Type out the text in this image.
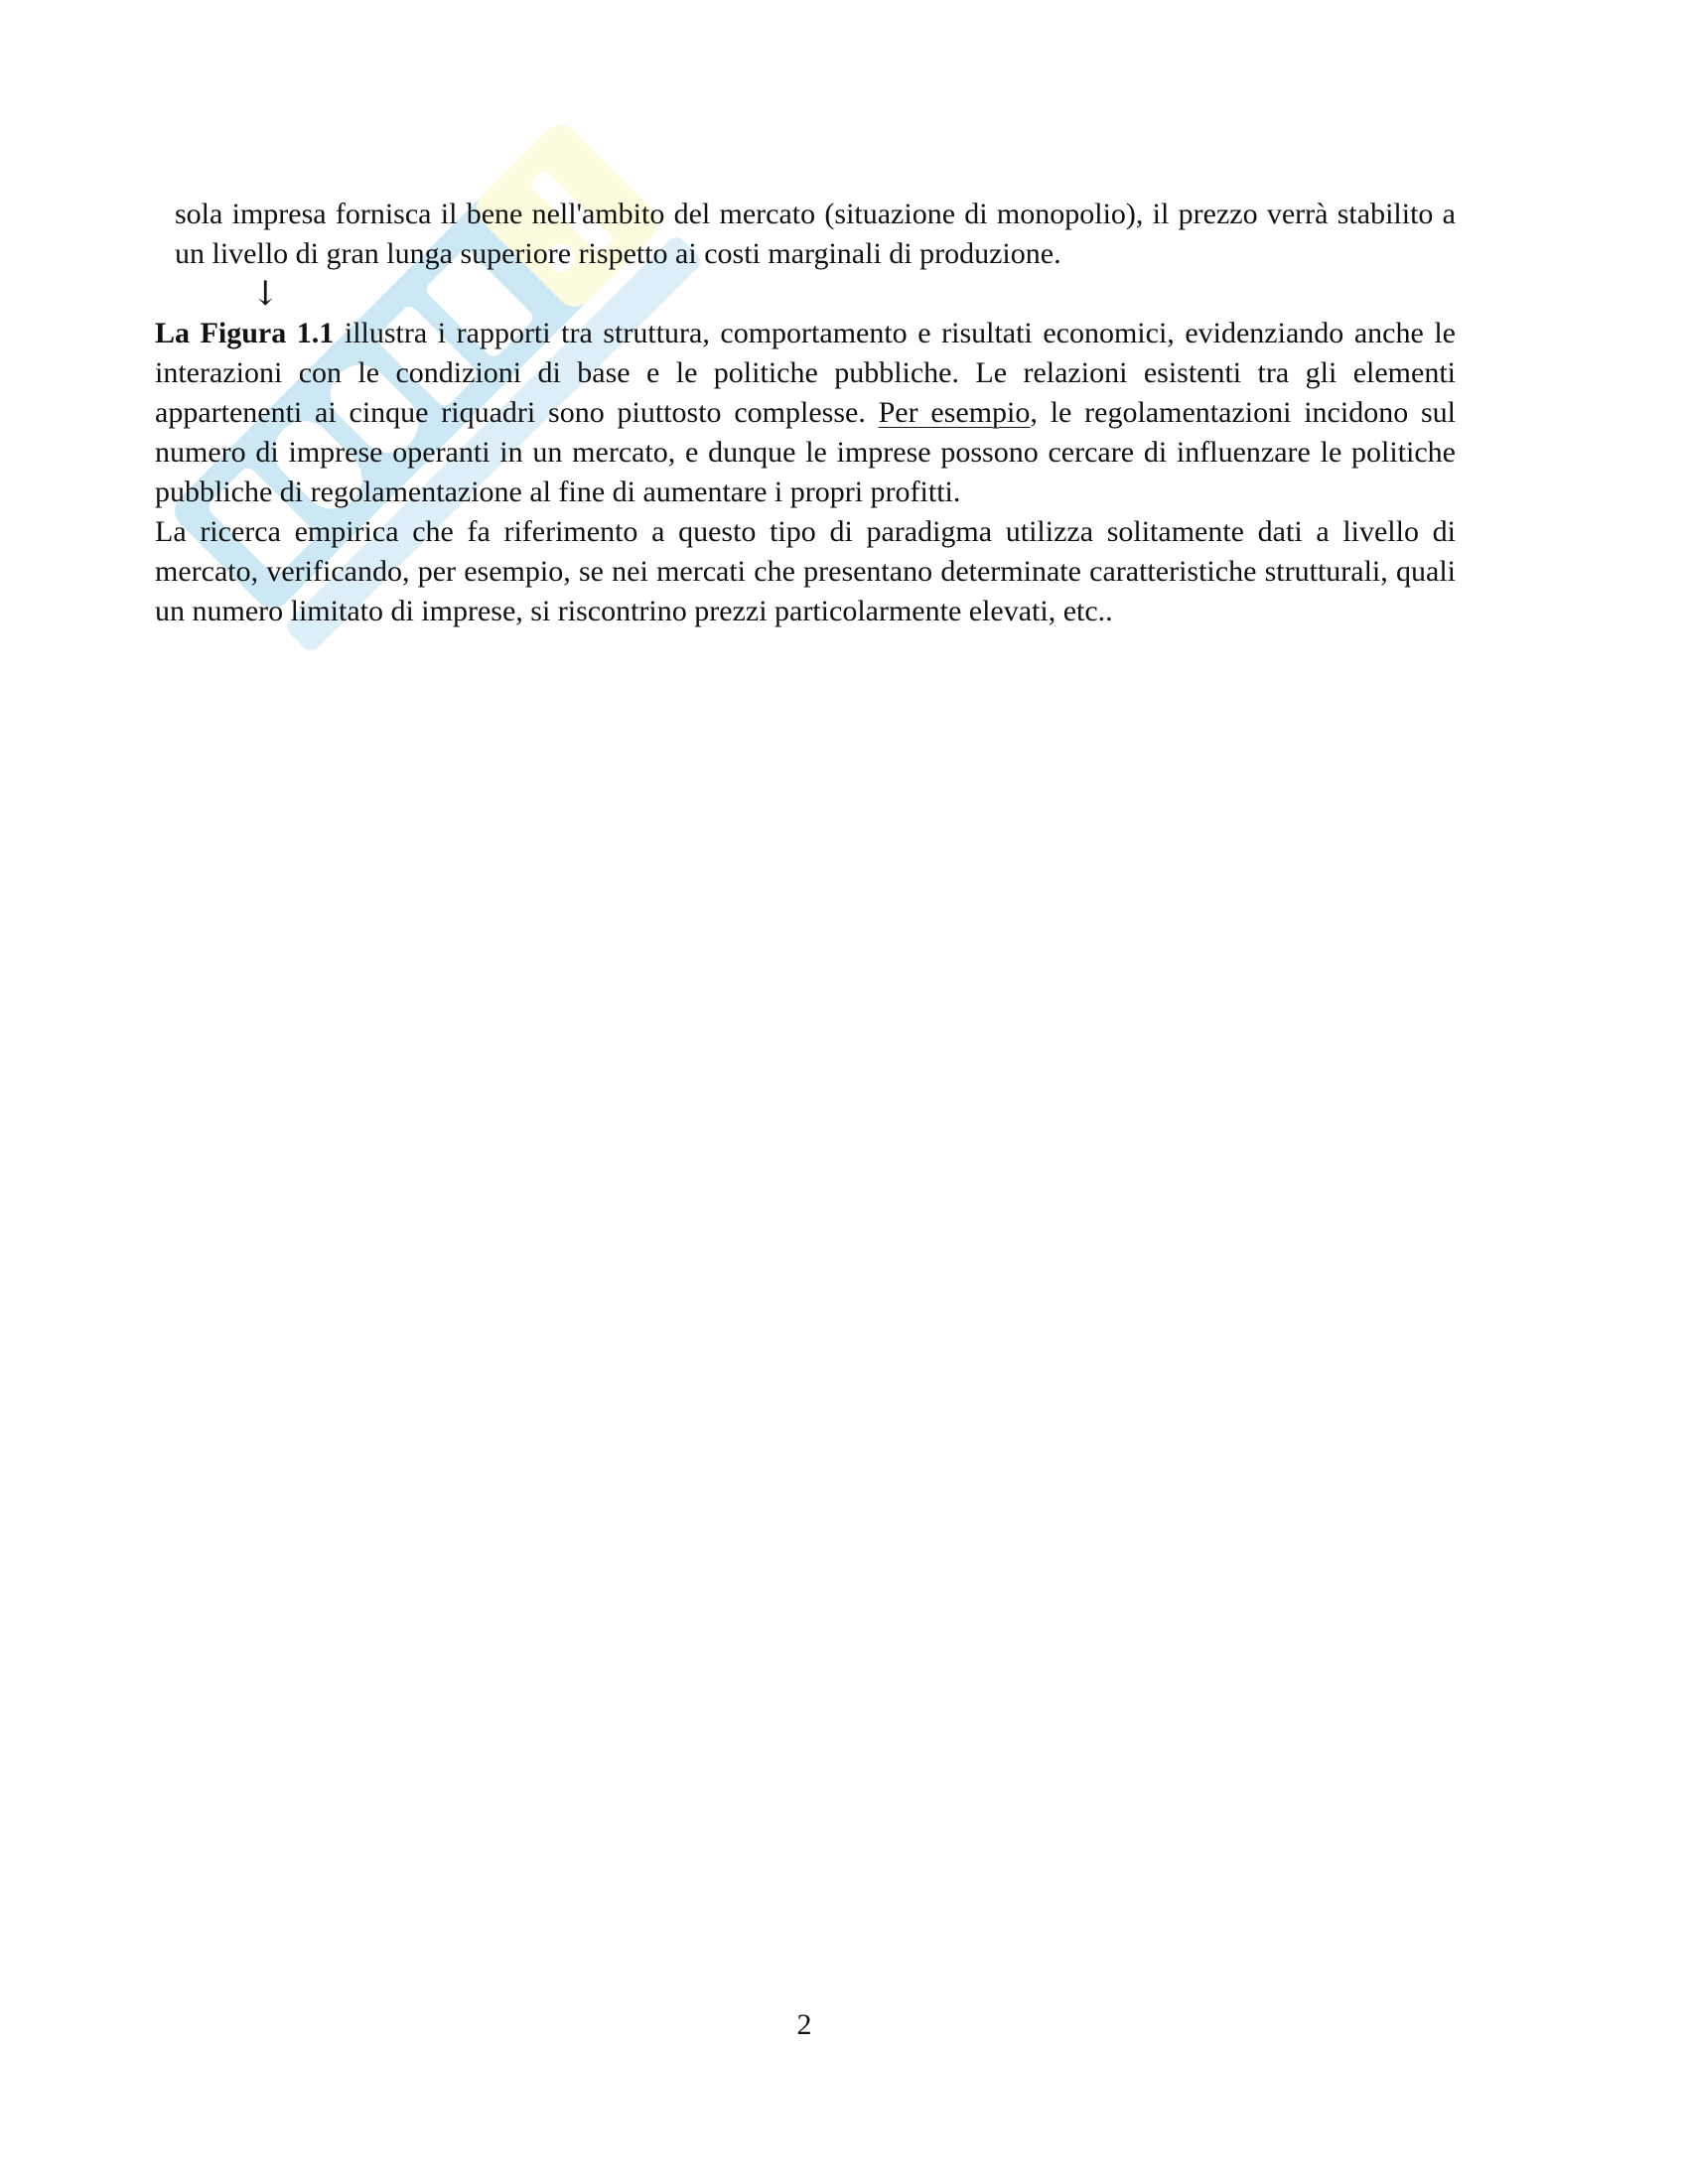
sola impresa fornisca il bene nell'ambito del mercato (situazione di monopolio), il prezzo verrà stabilito a un livello di gran lunga superiore rispetto ai costi marginali di produzione.

↓

La Figura 1.1 illustra i rapporti tra struttura, comportamento e risultati economici, evidenziando anche le interazioni con le condizioni di base e le politiche pubbliche. Le relazioni esistenti tra gli elementi appartenenti ai cinque riquadri sono piuttosto complesse. Per esempio, le regolamentazioni incidono sul numero di imprese operanti in un mercato, e dunque le imprese possono cercare di influenzare le politiche pubbliche di regolamentazione al fine di aumentare i propri profitti.

La ricerca empirica che fa riferimento a questo tipo di paradigma utilizza solitamente dati a livello di mercato, verificando, per esempio, se nei mercati che presentano determinate caratteristiche strutturali, quali un numero limitato di imprese, si riscontrino prezzi particolarmente elevati, etc..

2
